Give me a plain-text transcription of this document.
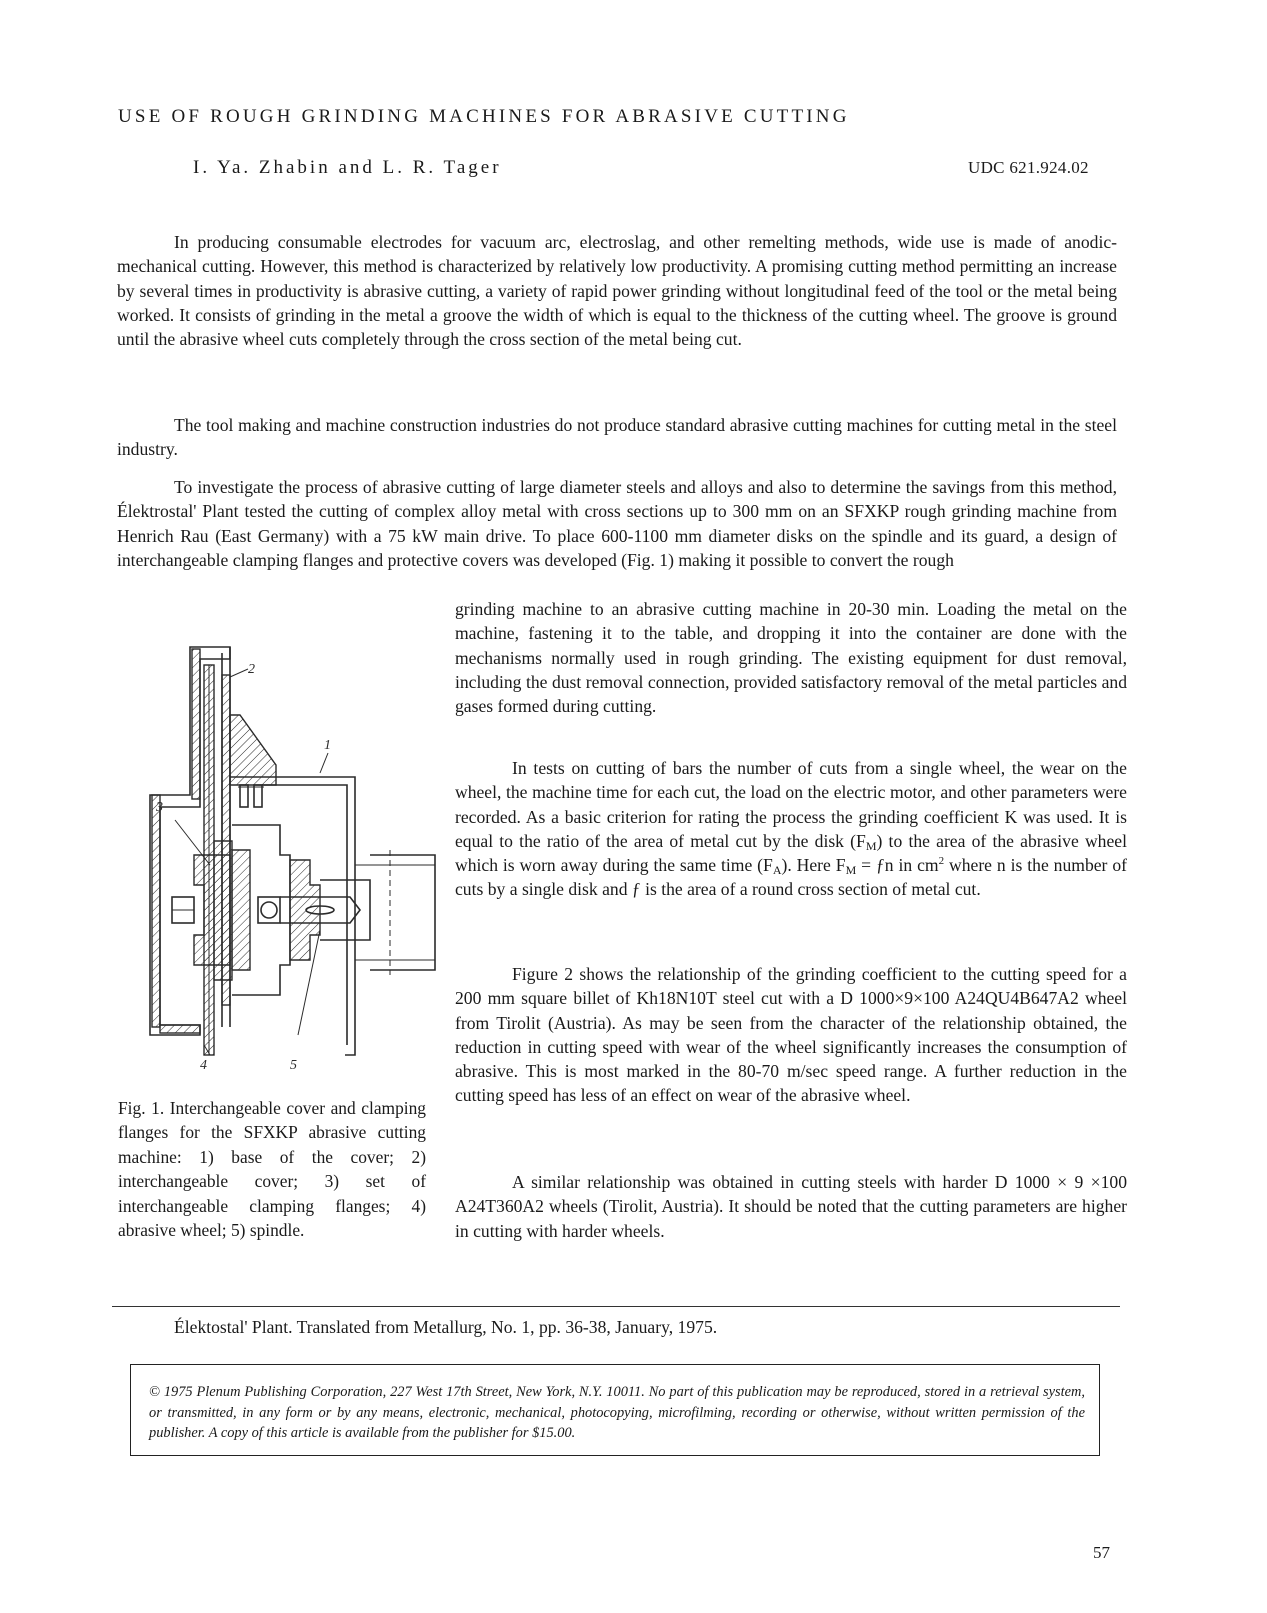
USE OF ROUGH GRINDING MACHINES FOR ABRASIVE CUTTING
I. Ya. Zhabin and L. R. Tager	UDC 621.924.02

In producing consumable electrodes for vacuum arc, electroslag, and other remelting methods, wide use is made of anodic-mechanical cutting. However, this method is characterized by relatively low productivity. A promising cutting method permitting an increase by several times in productivity is abrasive cutting, a variety of rapid power grinding without longitudinal feed of the tool or the metal being worked. It consists of grinding in the metal a groove the width of which is equal to the thickness of the cutting wheel. The groove is ground until the abrasive wheel cuts completely through the cross section of the metal being cut.

The tool making and machine construction industries do not produce standard abrasive cutting machines for cutting metal in the steel industry.

To investigate the process of abrasive cutting of large diameter steels and alloys and also to determine the savings from this method, Élektrostal' Plant tested the cutting of complex alloy metal with cross sections up to 300 mm on an SFXKP rough grinding machine from Henrich Rau (East Germany) with a 75 kW main drive. To place 600-1100 mm diameter disks on the spindle and its guard, a design of interchangeable clamping flanges and protective covers was developed (Fig. 1) making it possible to convert the rough

grinding machine to an abrasive cutting machine in 20-30 min. Loading the metal on the machine, fastening it to the table, and dropping it into the container are done with the mechanisms normally used in rough grinding. The existing equipment for dust removal, including the dust removal connection, provided satisfactory removal of the metal particles and gases formed during cutting.

In tests on cutting of bars the number of cuts from a single wheel, the wear on the wheel, the machine time for each cut, the load on the electric motor, and other parameters were recorded. As a basic criterion for rating the process the grinding coefficient K was used. It is equal to the ratio of the area of metal cut by the disk $(F_M)$ to the area of the abrasive wheel which is worn away during the same time $(F_A)$. Here $F_M$ = ƒn in $cm^2$ where n is the number of cuts by a single disk and ƒ is the area of a round cross section of metal cut.

Figure 2 shows the relationship of the grinding coefficient to the cutting speed for a 200 mm square billet of Kh18N10T steel cut with a D 1000×9×100 A24QU4B647A2 wheel from Tirolit (Austria). As may be seen from the character of the relationship obtained, the reduction in cutting speed with wear of the wheel significantly increases the consumption of abrasive. This is most marked in the 80-70 m/sec speed range. A further reduction in the cutting speed has less of an effect on wear of the abrasive wheel.

A similar relationship was obtained in cutting steels with harder D 1000 × 9 ×100 A24T360A2 wheels (Tirolit, Austria). It should be noted that the cutting parameters are higher in cutting with harder wheels.

2
1
3
4	5
Fig. 1. Interchangeable cover and clamping flanges for the SFXKP abrasive cutting machine: 1) base of the cover; 2) interchangeable cover; 3) set of interchangeable clamping flanges; 4) abrasive wheel; 5) spindle.
Élektostal' Plant. Translated from Metallurg, No. 1, pp. 36-38, January, 1975.
© 1975 Plenum Publishing Corporation, 227 West 17th Street, New York, N.Y. 10011. No part of this publication may be reproduced, stored in a retrieval system, or transmitted, in any form or by any means, electronic, mechanical, photocopying, microfilming, recording or otherwise, without written permission of the publisher. A copy of this article is available from the publisher for $15.00.
57
